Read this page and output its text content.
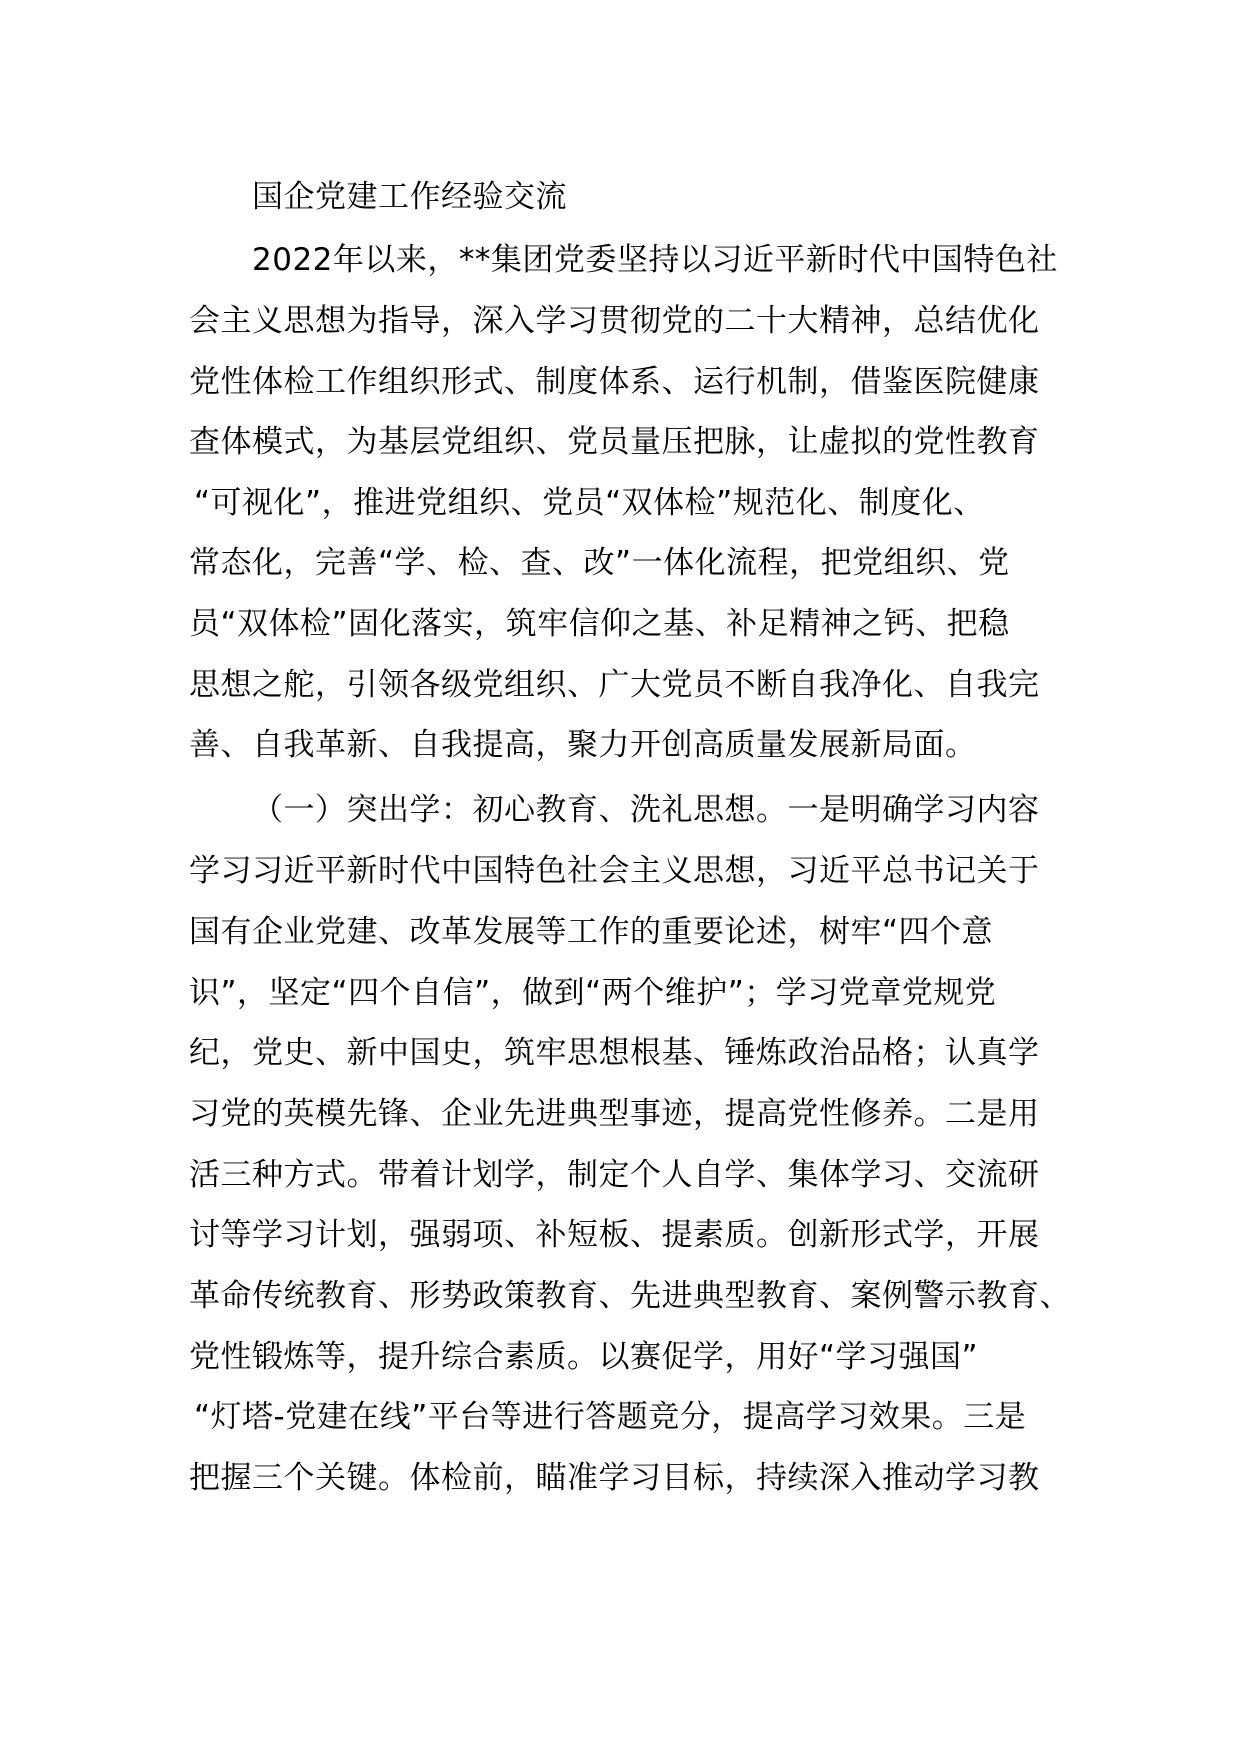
国企党建工作经验交流
2022年以来，**集团党委坚持以习近平新时代中国特色社
会主义思想为指导，深入学习贯彻党的二十大精神，总结优化
党性体检工作组织形式、制度体系、运行机制，借鉴医院健康
查体模式，为基层党组织、党员量压把脉，让虚拟的党性教育
“可视化”，推进党组织、党员“双体检”规范化、制度化、
常态化，完善“学、检、查、改”一体化流程，把党组织、党
员“双体检”固化落实，筑牢信仰之基、补足精神之钙、把稳
思想之舵，引领各级党组织、广大党员不断自我净化、自我完
善、自我革新、自我提高，聚力开创高质量发展新局面。
（一）突出学：初心教育、洗礼思想。一是明确学习内容
学习习近平新时代中国特色社会主义思想，习近平总书记关于
国有企业党建、改革发展等工作的重要论述，树牢“四个意
识”，坚定“四个自信”，做到“两个维护”；学习党章党规党
纪，党史、新中国史，筑牢思想根基、锤炼政治品格；认真学
习党的英模先锋、企业先进典型事迹，提高党性修养。二是用
活三种方式。带着计划学，制定个人自学、集体学习、交流研
讨等学习计划，强弱项、补短板、提素质。创新形式学，开展
革命传统教育、形势政策教育、先进典型教育、案例警示教育、
党性锻炼等，提升综合素质。以赛促学，用好“学习强国”
“灯塔-党建在线”平台等进行答题竞分，提高学习效果。三是
把握三个关键。体检前，瞄准学习目标，持续深入推动学习教
